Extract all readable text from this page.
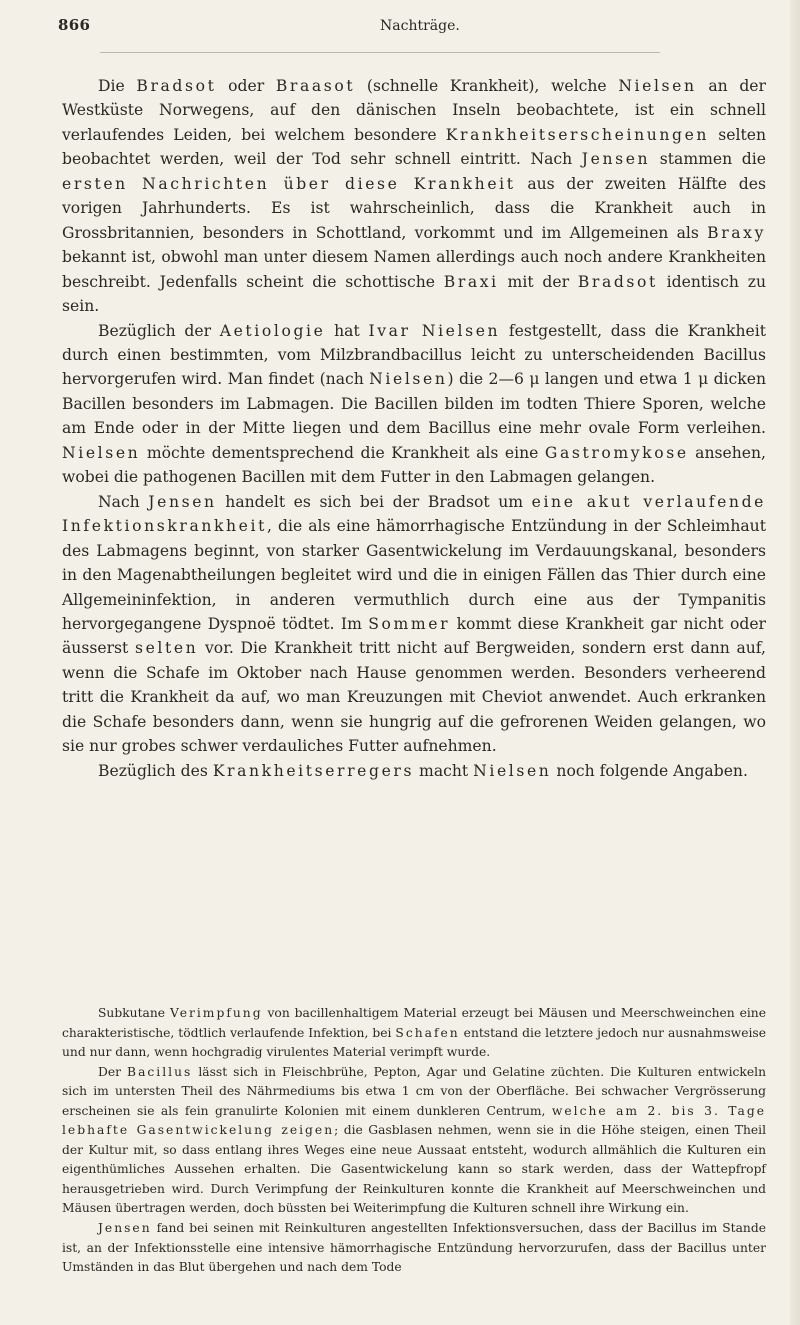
866	Nachträge.

Die Bradsot oder Braasot (schnelle Krankheit), welche Nielsen an der Westküste Norwegens, auf den dänischen Inseln beobachtete, ist ein schnell verlaufendes Leiden, bei welchem besondere Krankheitserscheinungen selten beobachtet werden, weil der Tod sehr schnell eintritt. Nach Jensen stammen die ersten Nachrichten über diese Krankheit aus der zweiten Hälfte des vorigen Jahrhunderts. Es ist wahrscheinlich, dass die Krankheit auch in Grossbritannien, besonders in Schottland, vorkommt und im Allgemeinen als Braxy bekannt ist, obwohl man unter diesem Namen allerdings auch noch andere Krankheiten beschreibt. Jedenfalls scheint die schottische Braxi mit der Bradsot identisch zu sein.

Bezüglich der Aetiologie hat Ivar Nielsen festgestellt, dass die Krankheit durch einen bestimmten, vom Milzbrandbacillus leicht zu unterscheidenden Bacillus hervorgerufen wird. Man findet (nach Nielsen) die 2—6 μ langen und etwa 1 μ dicken Bacillen besonders im Labmagen. Die Bacillen bilden im todten Thiere Sporen, welche am Ende oder in der Mitte liegen und dem Bacillus eine mehr ovale Form verleihen. Nielsen möchte dementsprechend die Krankheit als eine Gastromykose ansehen, wobei die pathogenen Bacillen mit dem Futter in den Labmagen gelangen.

Nach Jensen handelt es sich bei der Bradsot um eine akut verlaufende Infektionskrankheit, die als eine hämorrhagische Entzündung in der Schleimhaut des Labmagens beginnt, von starker Gasentwickelung im Verdauungskanal, besonders in den Magenabtheilungen begleitet wird und die in einigen Fällen das Thier durch eine Allgemeininfektion, in anderen vermuthlich durch eine aus der Tympanitis hervorgegangene Dyspnoë tödtet. Im Sommer kommt diese Krankheit gar nicht oder äusserst selten vor. Die Krankheit tritt nicht auf Bergweiden, sondern erst dann auf, wenn die Schafe im Oktober nach Hause genommen werden. Besonders verheerend tritt die Krankheit da auf, wo man Kreuzungen mit Cheviot anwendet. Auch erkranken die Schafe besonders dann, wenn sie hungrig auf die gefrorenen Weiden gelangen, wo sie nur grobes schwer verdauliches Futter aufnehmen.

Bezüglich des Krankheitserregers macht Nielsen noch folgende Angaben.

Subkutane Verimpfung von bacillenhaltigem Material erzeugt bei Mäusen und Meerschweinchen eine charakteristische, tödtlich verlaufende Infektion, bei Schafen entstand die letztere jedoch nur ausnahmsweise und nur dann, wenn hochgradig virulentes Material verimpft wurde.

Der Bacillus lässt sich in Fleischbrühe, Pepton, Agar und Gelatine züchten. Die Kulturen entwickeln sich im untersten Theil des Nährmediums bis etwa 1 cm von der Oberfläche. Bei schwacher Vergrösserung erscheinen sie als fein granulirte Kolonien mit einem dunkleren Centrum, welche am 2. bis 3. Tage lebhafte Gasentwickelung zeigen; die Gasblasen nehmen, wenn sie in die Höhe steigen, einen Theil der Kultur mit, so dass entlang ihres Weges eine neue Aussaat entsteht, wodurch allmählich die Kulturen ein eigenthümliches Aussehen erhalten. Die Gasentwickelung kann so stark werden, dass der Wattepfropf herausgetrieben wird. Durch Verimpfung der Reinkulturen konnte die Krankheit auf Meerschweinchen und Mäusen übertragen werden, doch büssten bei Weiterimpfung die Kulturen schnell ihre Wirkung ein.

Jensen fand bei seinen mit Reinkulturen angestellten Infektionsversuchen, dass der Bacillus im Stande ist, an der Infektionsstelle eine intensive hämorrhagische Entzündung hervorzurufen, dass der Bacillus unter Umständen in das Blut übergehen und nach dem Tode
